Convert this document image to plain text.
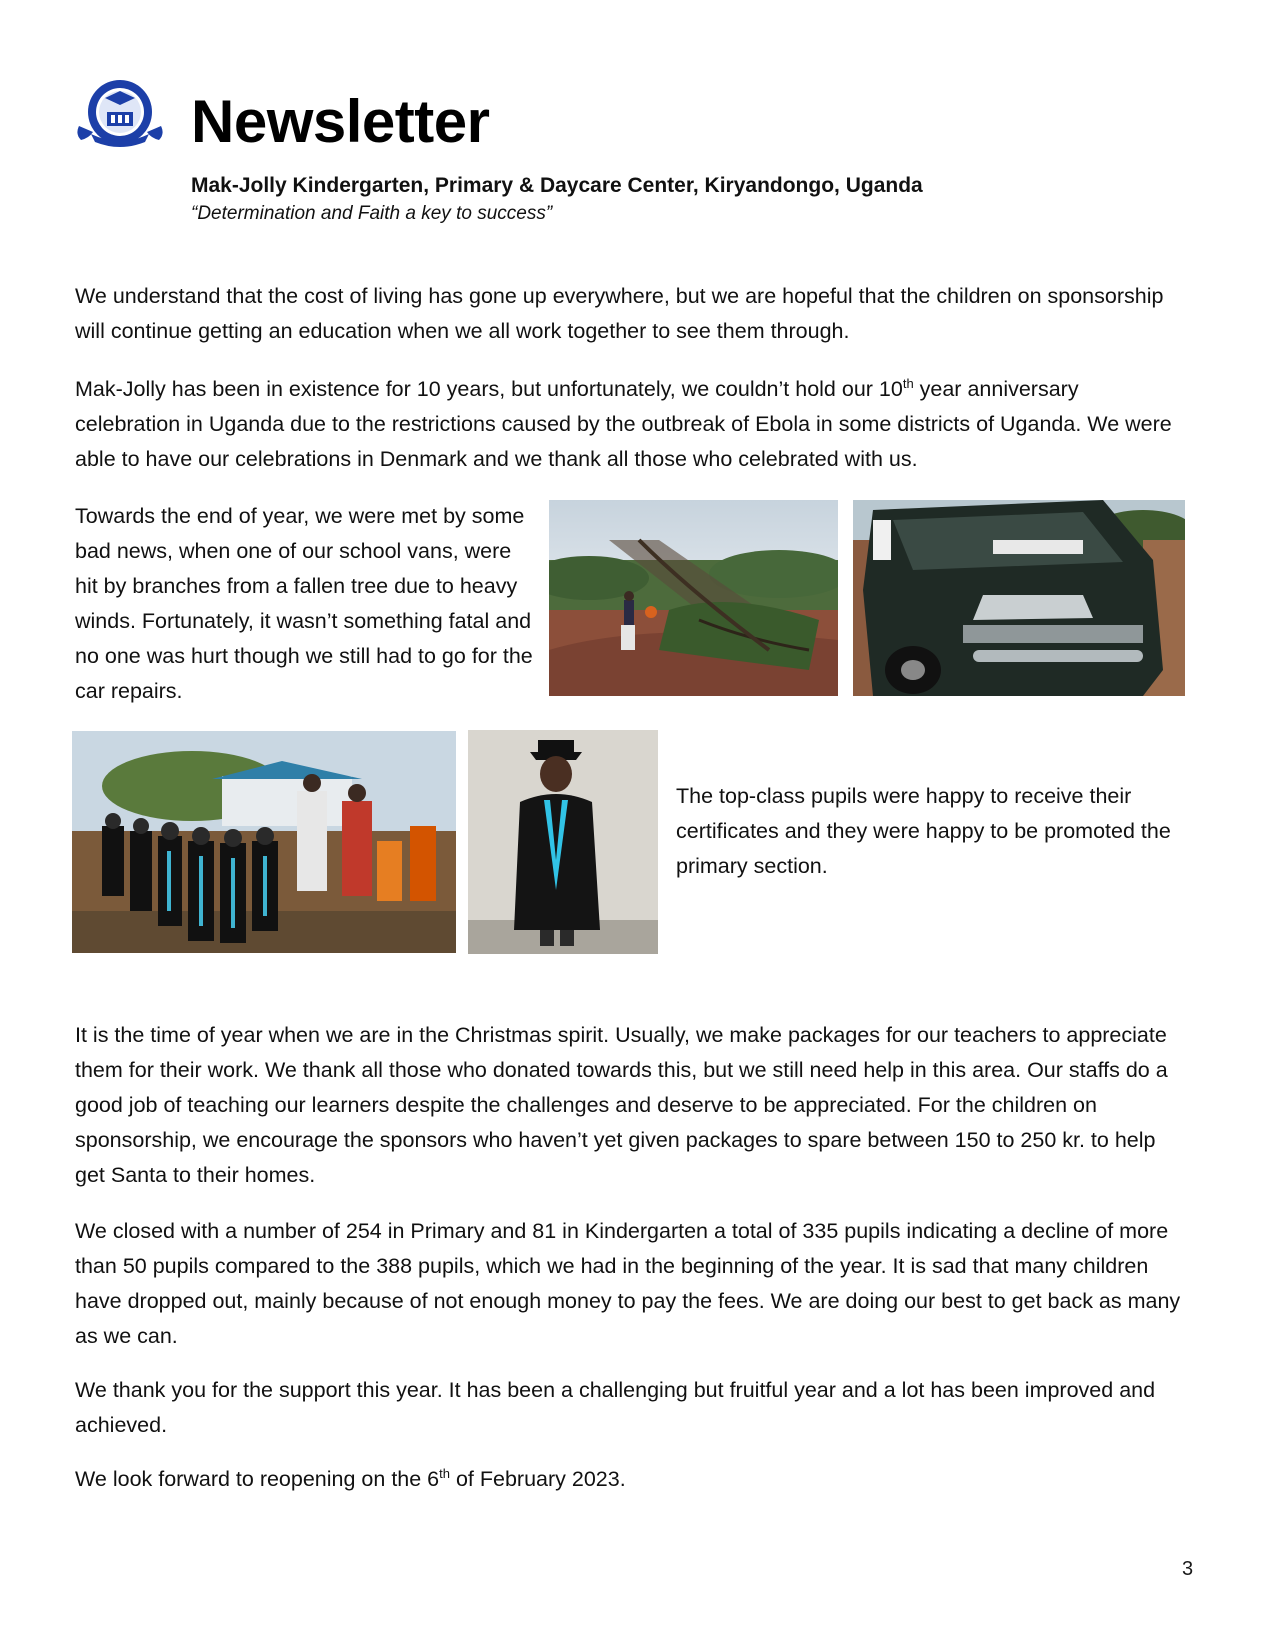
Newsletter

Mak-Jolly Kindergarten, Primary & Daycare Center, Kiryandongo, Uganda

“Determination and Faith a key to success”

We understand that the cost of living has gone up everywhere, but we are hopeful that the children on sponsorship will continue getting an education when we all work together to see them through.

Mak-Jolly has been in existence for 10 years, but unfortunately, we couldn’t hold our 10th year anniversary celebration in Uganda due to the restrictions caused by the outbreak of Ebola in some districts of Uganda. We were able to have our celebrations in Denmark and we thank all those who celebrated with us.

Towards the end of year, we were met by some bad news, when one of our school vans, were hit by branches from a fallen tree due to heavy winds. Fortunately, it wasn’t something fatal and no one was hurt though we still had to go for the car repairs.

The top-class pupils were happy to receive their certificates and they were happy to be promoted the primary section.

It is the time of year when we are in the Christmas spirit. Usually, we make packages for our teachers to appreciate them for their work. We thank all those who donated towards this, but we still need help in this area. Our staffs do a good job of teaching our learners despite the challenges and deserve to be appreciated. For the children on sponsorship, we encourage the sponsors who haven’t yet given packages to spare between 150 to 250 kr. to help get Santa to their homes.

We closed with a number of 254 in Primary and 81 in Kindergarten a total of 335 pupils indicating a decline of more than 50 pupils compared to the 388 pupils, which we had in the beginning of the year. It is sad that many children have dropped out, mainly because of not enough money to pay the fees. We are doing our best to get back as many as we can.

We thank you for the support this year. It has been a challenging but fruitful year and a lot has been improved and achieved.

We look forward to reopening on the 6th of February 2023.

3
